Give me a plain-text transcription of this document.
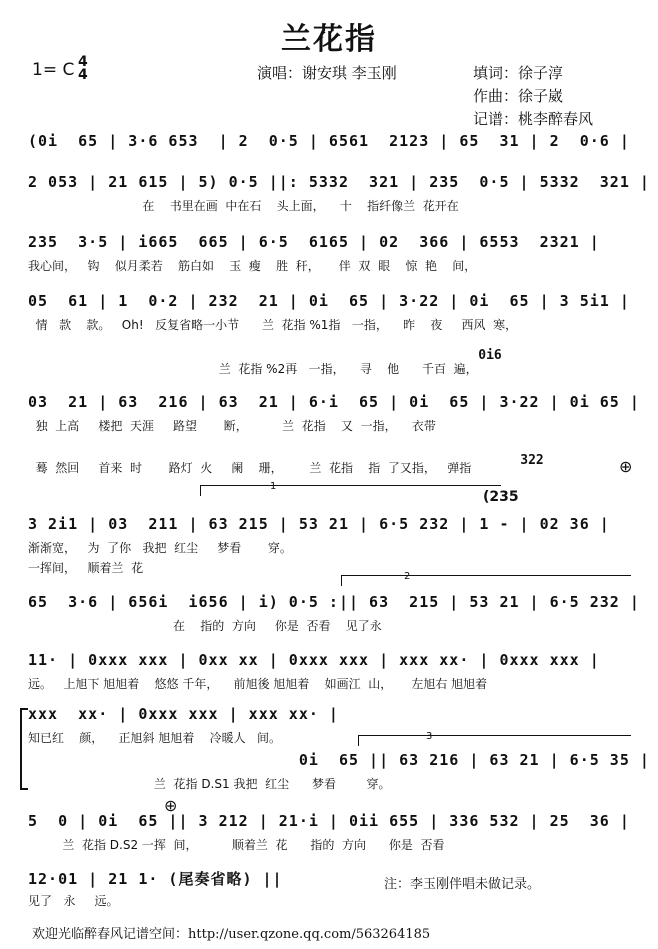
兰花指
1= C 4
4	演唱：谢安琪 李玉刚	填词：徐子淳
作曲：徐子崴
记谱：桃李醉春风
(0i  65 | 3·6 653  | 2  0·5 | 6561  2123 | 65  31 | 2  0·6 |
2 053 | 21 615 | 5) 0·5 ||: 5332  321 | 235  0·5 | 5332  321 |
在    书里在画  中在石    头上面，    十    指纤像兰  花开在
235  3·5 | i665  665 | 6·5  6165 | 02  366 | 6553  2321 |
我心间，   钩    似月柔若    筋白如    玉  瘦    胜  秆，     伴  双  眼    惊  艳    间，
05  61 | 1  0·2 | 232  21 | 0i  65 | 3·22 | 0i  65 | 3 5i1 |
情   款    款。   Oh!   反复省略一小节      兰  花指 %1指   一指，    昨    夜     西风  寒，

0i6

兰  花指 %2再   一指，    寻    他      千百  遍，
03  21 | 63  216 | 63  21 | 6·i  65 | 0i  65 | 3·22 | 0i 65 |
独  上高     楼把  天涯     路望       断，         兰  花指    又  一指，    衣带

322

蓦  然回     首来  时       路灯  火     阑    珊，       兰  花指    指  了又指，   弹指	⊕
1
(235
3 2i1 | 03  211 | 63 215 | 53 21 | 6·5 232 | 1 - | 02 36 |
渐渐宽，   为  了你   我把  红尘     梦看       穿。
一挥间，   顺着兰  花
2
65  3·6 | 656i  i656 | i) 0·5 :|| 63  215 | 53 21 | 6·5 232 |
在    指的  方向     你是  否看    见了永
11· | 0xxx xxx | 0xx xx | 0xxx xxx | xxx xx· | 0xxx xxx |
远。   上旭下 旭旭着    悠悠 千年，    前旭後 旭旭着    如画江  山，     左旭右 旭旭着
xxx  xx· | 0xxx xxx | xxx xx· |
知已红    颜，    正旭斜 旭旭着    冷暖人   间。	3
0i  65 || 63 216 | 63 21 | 6·5 35 |
兰  花指 D.S1 我把  红尘      梦看        穿。
⊕
5  0 | 0i  65 || 3 212 | 21·i | 0ii 655 | 336 532 | 25  36 |
兰  花指 D.S2 一挥  间，         顺着兰  花      指的  方向      你是  否看
12·01 | 21 1· (尾奏省略) ||
见了   永     远。
注：李玉刚伴唱未做记录。
欢迎光临醉春风记谱空间：http://user.qzone.qq.com/563264185
